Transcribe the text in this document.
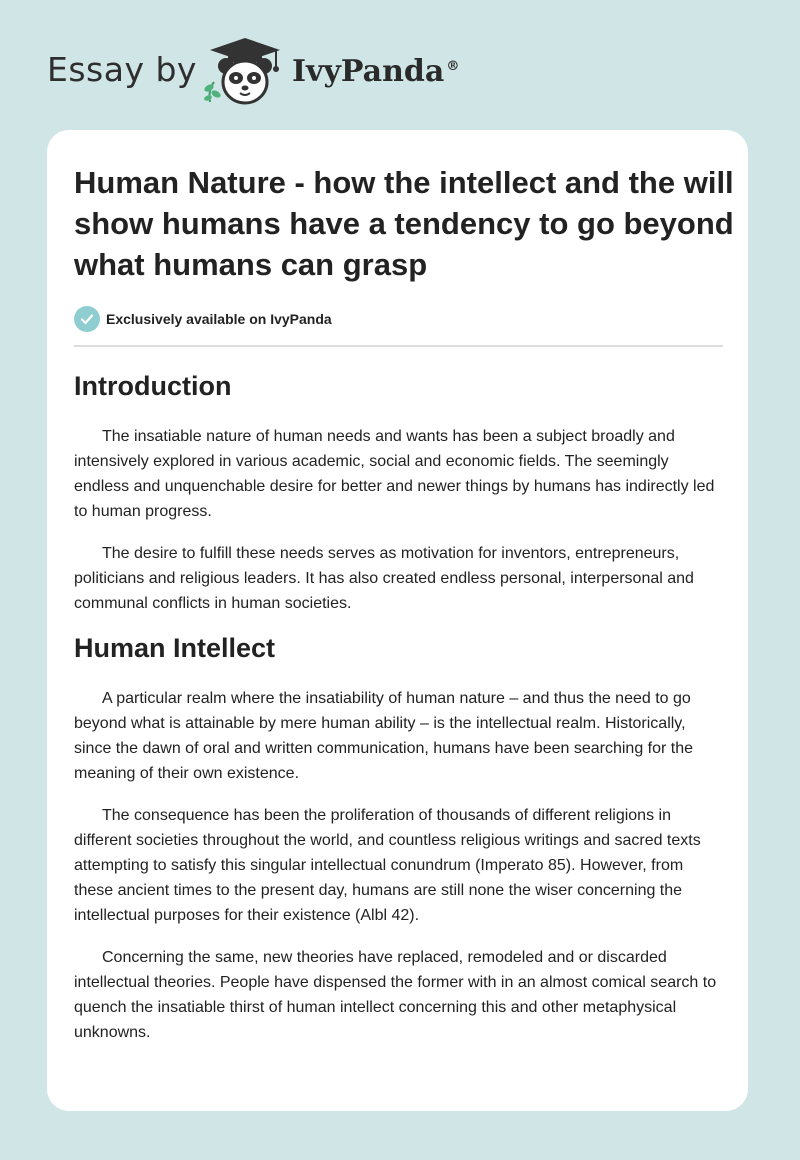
Essay by	IvyPanda ®
Human Nature - how the intellect and the will show humans have a tendency to go beyond what humans can grasp
Exclusively available on IvyPanda
Introduction

The insatiable nature of human needs and wants has been a subject broadly and intensively explored in various academic, social and economic fields. The seemingly endless and unquenchable desire for better and newer things by humans has indirectly led to human progress.

The desire to fulfill these needs serves as motivation for inventors, entrepreneurs, politicians and religious leaders. It has also created endless personal, interpersonal and communal conflicts in human societies.

Human Intellect

A particular realm where the insatiability of human nature – and thus the need to go beyond what is attainable by mere human ability – is the intellectual realm. Historically, since the dawn of oral and written communication, humans have been searching for the meaning of their own existence.

The consequence has been the proliferation of thousands of different religions in different societies throughout the world, and countless religious writings and sacred texts attempting to satisfy this singular intellectual conundrum (Imperato 85). However, from these ancient times to the present day, humans are still none the wiser concerning the intellectual purposes for their existence (Albl 42).

Concerning the same, new theories have replaced, remodeled and or discarded intellectual theories. People have dispensed the former with in an almost comical search to quench the insatiable thirst of human intellect concerning this and other metaphysical unknowns.
